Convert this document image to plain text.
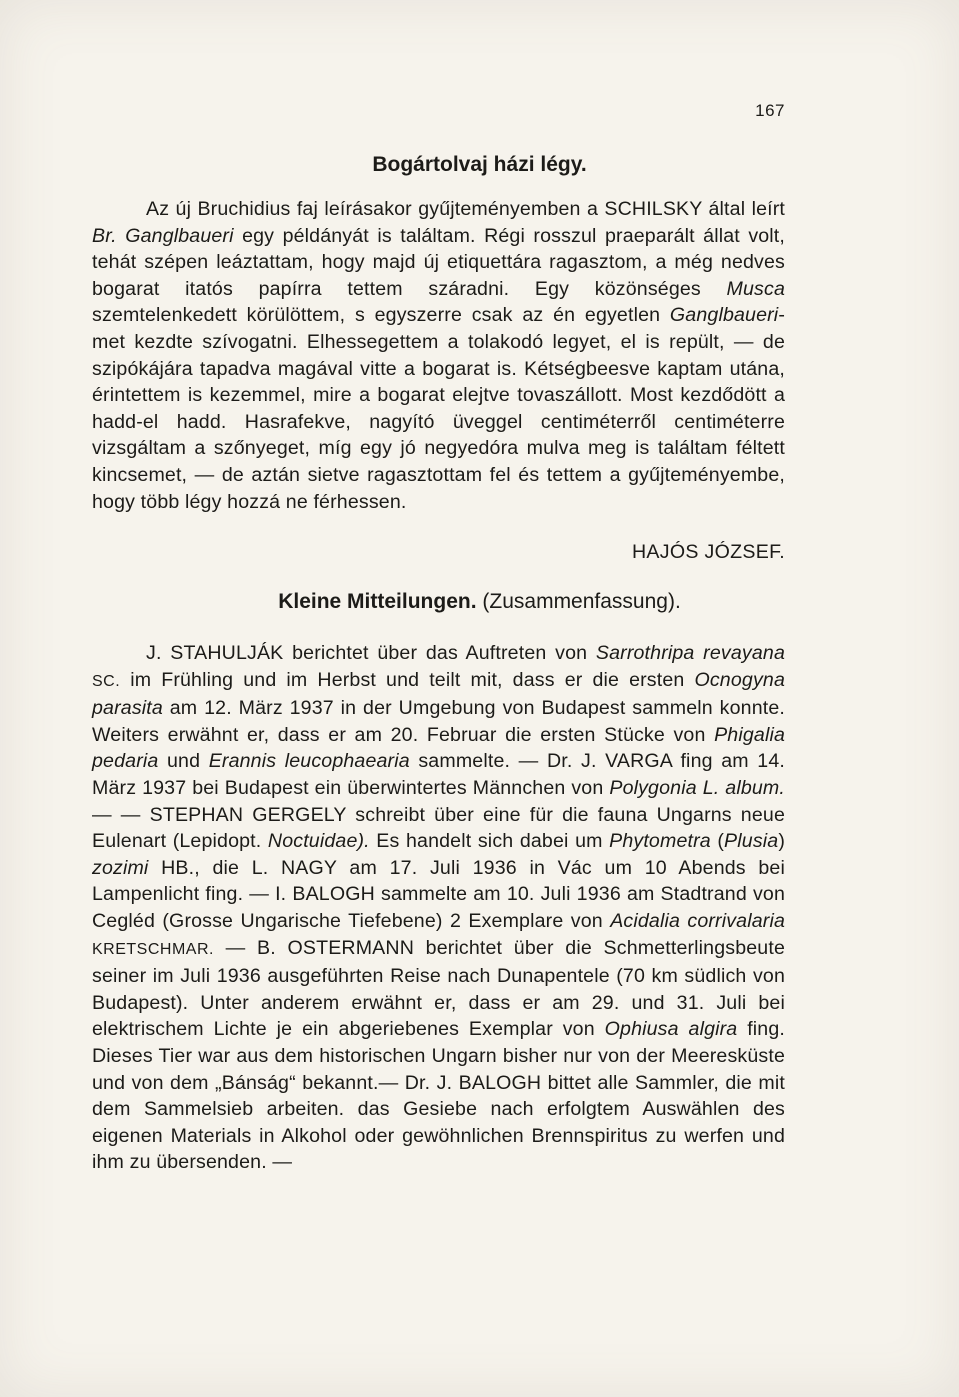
167
Bogártolvaj házi légy.
Az új Bruchidius faj leírásakor gyűjteményemben a SCHILSKY által leírt Br. Ganglbaueri egy példányát is találtam. Régi rosszul praeparált állat volt, tehát szépen leáztattam, hogy majd új etiquettára ragasztom, a még nedves bogarat itatós papírra tettem száradni. Egy közönséges Musca szemtelenkedett körülöttem, s egyszerre csak az én egyetlen Ganglbaueri-met kezdte szívogatni. Elhessegettem a tolakodó legyet, el is repült, — de szipókájára tapadva magával vitte a bogarat is. Kétségbeesve kaptam utána, érintettem is kezemmel, mire a bogarat elejtve tovaszállott. Most kezdődött a hadd-el hadd. Hasrafekve, nagyító üveggel centiméterről centiméterre vizsgáltam a szőnyeget, míg egy jó negyedóra mulva meg is találtam féltett kincsemet, — de aztán sietve ragasztottam fel és tettem a gyűjteményembe, hogy több légy hozzá ne férhessen.
HAJÓS JÓZSEF.
Kleine Mitteilungen. (Zusammenfassung).
J. STAHULJÁK berichtet über das Auftreten von Sarrothripa revayana SC. im Frühling und im Herbst und teilt mit, dass er die ersten Ocnogyna parasita am 12. März 1937 in der Umgebung von Budapest sammeln konnte. Weiters erwähnt er, dass er am 20. Februar die ersten Stücke von Phigalia pedaria und Erannis leucophaearia sammelte. — Dr. J. VARGA fing am 14. März 1937 bei Budapest ein überwintertes Männchen von Polygonia L. album. — — STEPHAN GERGELY schreibt über eine für die fauna Ungarns neue Eulenart (Lepidopt. Noctuidae). Es handelt sich dabei um Phytometra (Plusia) zozimi HB., die L. NAGY am 17. Juli 1936 in Vác um 10 Abends bei Lampenlicht fing. — I. BALOGH sammelte am 10. Juli 1936 am Stadtrand von Cegléd (Grosse Ungarische Tiefebene) 2 Exemplare von Acidalia corrivalaria KRETSCHMAR. — B. OSTERMANN berichtet über die Schmetterlingsbeute seiner im Juli 1936 ausgeführten Reise nach Dunapentele (70 km südlich von Budapest). Unter anderem erwähnt er, dass er am 29. und 31. Juli bei elektrischem Lichte je ein abgeriebenes Exemplar von Ophiusa algira fing. Dieses Tier war aus dem historischen Ungarn bisher nur von der Meeresküste und von dem „Bánság“ bekannt.— Dr. J. BALOGH bittet alle Sammler, die mit dem Sammelsieb arbeiten. das Gesiebe nach erfolgtem Auswählen des eigenen Materials in Alkohol oder gewöhnlichen Brennspiritus zu werfen und ihm zu übersenden. —
